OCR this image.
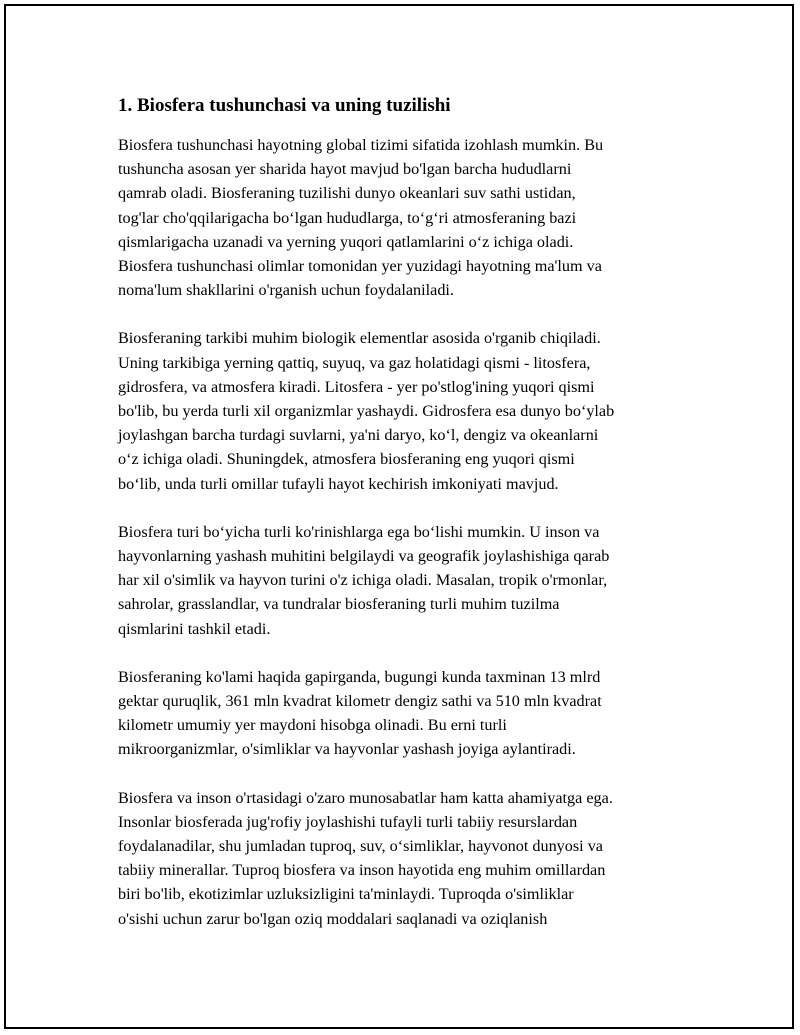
1. Biosfera tushunchasi va uning tuzilishi

Biosfera tushunchasi hayotning global tizimi sifatida izohlash mumkin. Bu
tushuncha asosan yer sharida hayot mavjud bo'lgan barcha hududlarni
qamrab oladi. Biosferaning tuzilishi dunyo okeanlari suv sathi ustidan,
tog'lar cho'qqilarigacha bo‘lgan hududlarga, to‘g‘ri atmosferaning bazi
qismlarigacha uzanadi va yerning yuqori qatlamlarini o‘z ichiga oladi.
Biosfera tushunchasi olimlar tomonidan yer yuzidagi hayotning ma'lum va
noma'lum shakllarini o'rganish uchun foydalaniladi.

Biosferaning tarkibi muhim biologik elementlar asosida o'rganib chiqiladi.
Uning tarkibiga yerning qattiq, suyuq, va gaz holatidagi qismi - litosfera,
gidrosfera, va atmosfera kiradi. Litosfera - yer po'stlog'ining yuqori qismi
bo'lib, bu yerda turli xil organizmlar yashaydi. Gidrosfera esa dunyo bo‘ylab
joylashgan barcha turdagi suvlarni, ya'ni daryo, ko‘l, dengiz va okeanlarni
o‘z ichiga oladi. Shuningdek, atmosfera biosferaning eng yuqori qismi
bo‘lib, unda turli omillar tufayli hayot kechirish imkoniyati mavjud.

Biosfera turi bo‘yicha turli ko'rinishlarga ega bo‘lishi mumkin. U inson va
hayvonlarning yashash muhitini belgilaydi va geografik joylashishiga qarab
har xil o'simlik va hayvon turini o'z ichiga oladi. Masalan, tropik o'rmonlar,
sahrolar, grasslandlar, va tundralar biosferaning turli muhim tuzilma
qismlarini tashkil etadi.

Biosferaning ko'lami haqida gapirganda, bugungi kunda taxminan 13 mlrd
gektar quruqlik, 361 mln kvadrat kilometr dengiz sathi va 510 mln kvadrat
kilometr umumiy yer maydoni hisobga olinadi. Bu erni turli
mikroorganizmlar, o'simliklar va hayvonlar yashash joyiga aylantiradi.

Biosfera va inson o'rtasidagi o'zaro munosabatlar ham katta ahamiyatga ega.
Insonlar biosferada jug'rofiy joylashishi tufayli turli tabiiy resurslardan
foydalanadilar, shu jumladan tuproq, suv, o‘simliklar, hayvonot dunyosi va
tabiiy minerallar. Tuproq biosfera va inson hayotida eng muhim omillardan
biri bo'lib, ekotizimlar uzluksizligini ta'minlaydi. Tuproqda o'simliklar
o'sishi uchun zarur bo'lgan oziq moddalari saqlanadi va oziqlanish
